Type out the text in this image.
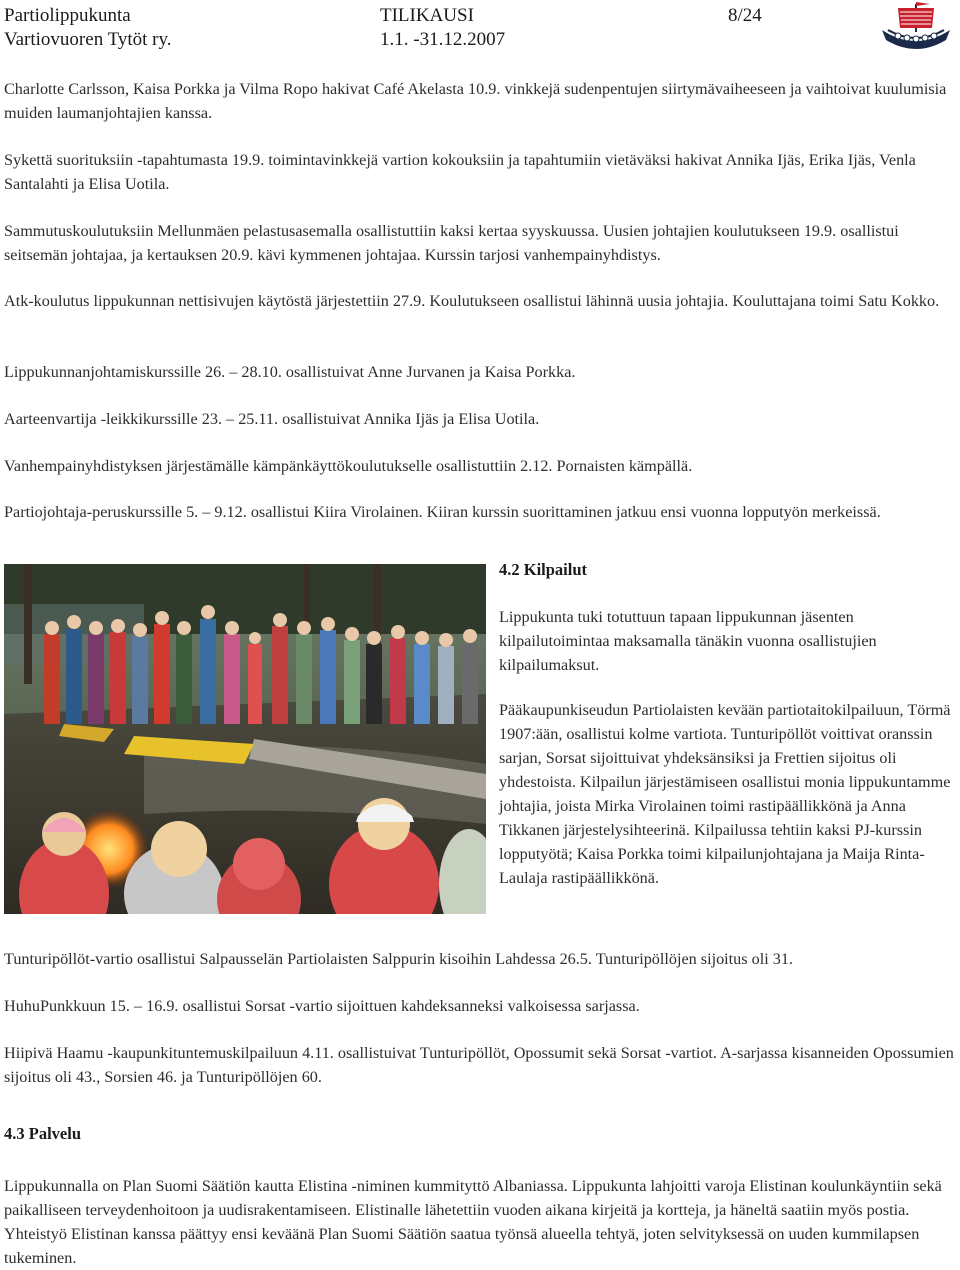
Partiolippukunta
Vartiovuoren Tytöt ry.
TILIKAUSI
1.1. -31.12.2007
8/24
Charlotte Carlsson, Kaisa Porkka ja Vilma Ropo hakivat Café Akelasta 10.9. vinkkejä sudenpentujen siirtymävaiheeseen ja vaihtoivat kuulumisia muiden laumanjohtajien kanssa.
Sykettä suorituksiin -tapahtumasta 19.9. toimintavinkkejä vartion kokouksiin ja tapahtumiin vietäväksi hakivat Annika Ijäs, Erika Ijäs, Venla Santalahti ja Elisa Uotila.
Sammutuskoulutuksiin Mellunmäen pelastusasemalla osallistuttiin kaksi kertaa syyskuussa. Uusien johtajien koulutukseen 19.9. osallistui seitsemän johtajaa, ja kertauksen 20.9. kävi kymmenen johtajaa. Kurssin tarjosi vanhempainyhdistys.
Atk-koulutus lippukunnan nettisivujen käytöstä järjestettiin 27.9. Koulutukseen osallistui lähinnä uusia johtajia. Kouluttajana toimi Satu Kokko.
Lippukunnanjohtamiskurssille 26. – 28.10. osallistuivat Anne Jurvanen ja Kaisa Porkka.
Aarteenvartija -leikkikurssille 23. – 25.11. osallistuivat Annika Ijäs ja Elisa Uotila.
Vanhempainyhdistyksen järjestämälle kämpänkäyttökoulutukselle osallistuttiin 2.12. Pornaisten kämpällä.
Partiojohtaja-peruskurssille 5. – 9.12. osallistui Kiira Virolainen. Kiiran kurssin suorittaminen jatkuu ensi vuonna lopputyön merkeissä.
4.2 Kilpailut
Lippukunta tuki totuttuun tapaan lippukunnan jäsenten kilpailutoimintaa maksamalla tänäkin vuonna osallistujien kilpailumaksut.
Pääkaupunkiseudun Partiolaisten kevään partiotaitokilpailuun, Törmä 1907:ään, osallistui kolme vartiota. Tunturipöllöt voittivat oranssin sarjan, Sorsat sijoittuivat yhdeksänsiksi ja Frettien sijoitus oli yhdestoista. Kilpailun järjestämiseen osallistui monia lippukuntamme johtajia, joista Mirka Virolainen toimi rastipäällikkönä ja Anna Tikkanen järjestelysihteerinä. Kilpailussa tehtiin kaksi PJ-kurssin lopputyötä; Kaisa Porkka toimi kilpailunjohtajana ja Maija Rinta-Laulaja rastipäällikkönä.
Tunturipöllöt-vartio osallistui Salpausselän Partiolaisten Salppurin kisoihin Lahdessa 26.5. Tunturipöllöjen sijoitus oli 31.
HuhuPunkkuun 15. – 16.9. osallistui Sorsat -vartio sijoittuen kahdeksanneksi valkoisessa sarjassa.
Hiipivä Haamu -kaupunkituntemuskilpailuun 4.11. osallistuivat Tunturipöllöt, Opossumit sekä Sorsat -vartiot. A-sarjassa kisanneiden Opossumien sijoitus oli 43., Sorsien 46. ja Tunturipöllöjen 60.
4.3 Palvelu
Lippukunnalla on Plan Suomi Säätiön kautta Elistina -niminen kummityttö Albaniassa. Lippukunta lahjoitti varoja Elistinan koulunkäyntiin sekä paikalliseen terveydenhoitoon ja uudisrakentamiseen. Elistinalle lähetettiin vuoden aikana kirjeitä ja kortteja, ja häneltä saatiin myös postia. Yhteistyö Elistinan kanssa päättyy ensi keväänä Plan Suomi Säätiön saatua työnsä alueella tehtyä, joten selvityksessä on uuden kummilapsen tukeminen.
